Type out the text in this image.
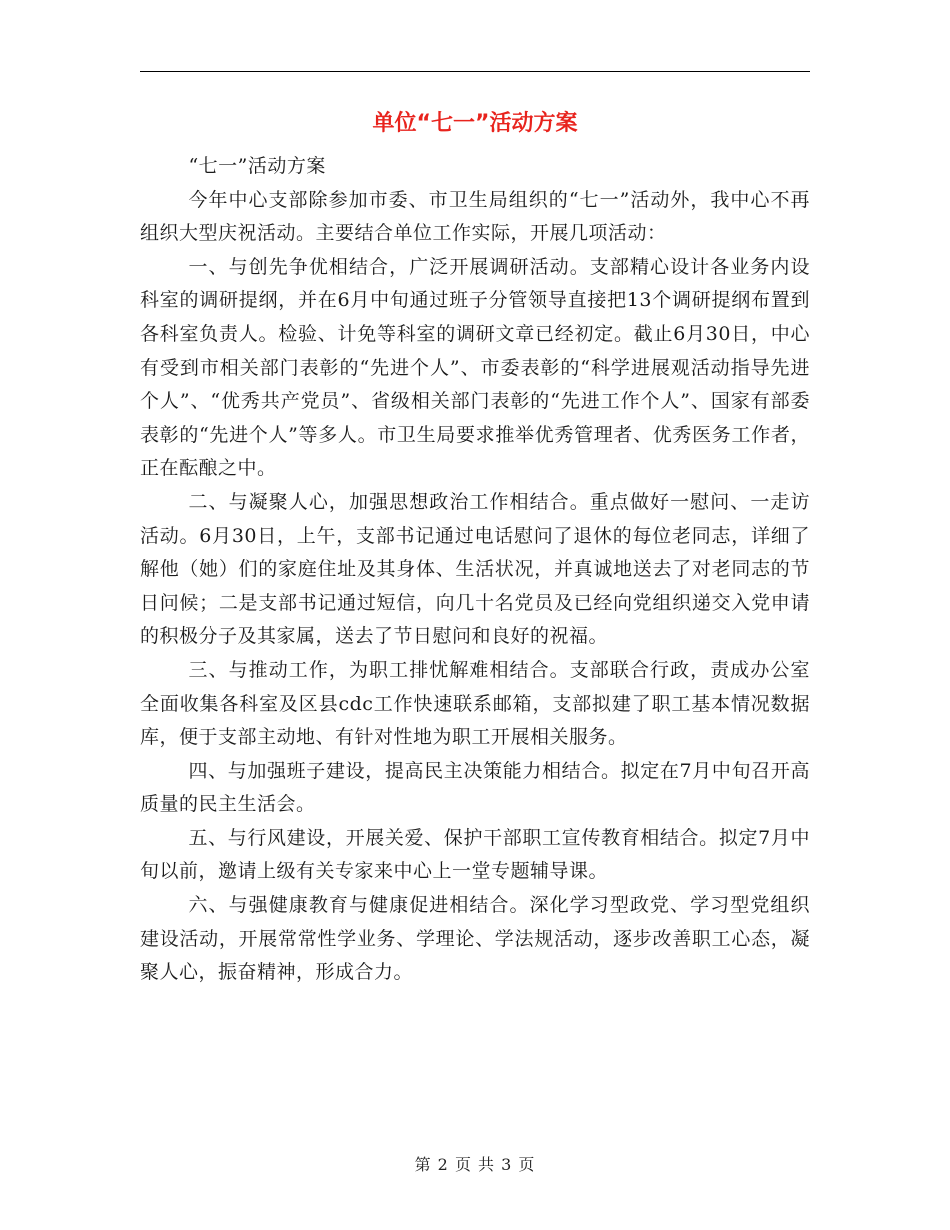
单位“七一”活动方案

“七一”活动方案

今年中心支部除参加市委、市卫生局组织的“七一”活动外，我中心不再组织大型庆祝活动。主要结合单位工作实际，开展几项活动：

一、与创先争优相结合，广泛开展调研活动。支部精心设计各业务内设科室的调研提纲，并在6月中旬通过班子分管领导直接把13个调研提纲布置到各科室负责人。检验、计免等科室的调研文章已经初定。截止6月30日，中心有受到市相关部门表彰的“先进个人”、市委表彰的“科学进展观活动指导先进个人”、“优秀共产党员”、省级相关部门表彰的“先进工作个人”、国家有部委表彰的“先进个人”等多人。市卫生局要求推举优秀管理者、优秀医务工作者，正在酝酿之中。

二、与凝聚人心，加强思想政治工作相结合。重点做好一慰问、一走访活动。6月30日，上午，支部书记通过电话慰问了退休的每位老同志，详细了解他（她）们的家庭住址及其身体、生活状况，并真诚地送去了对老同志的节日问候；二是支部书记通过短信，向几十名党员及已经向党组织递交入党申请的积极分子及其家属，送去了节日慰问和良好的祝福。

三、与推动工作，为职工排忧解难相结合。支部联合行政，责成办公室全面收集各科室及区县cdc工作快速联系邮箱，支部拟建了职工基本情况数据库，便于支部主动地、有针对性地为职工开展相关服务。

四、与加强班子建设，提高民主决策能力相结合。拟定在7月中旬召开高质量的民主生活会。

五、与行风建设，开展关爱、保护干部职工宣传教育相结合。拟定7月中旬以前，邀请上级有关专家来中心上一堂专题辅导课。

六、与强健康教育与健康促进相结合。深化学习型政党、学习型党组织建设活动，开展常常性学业务、学理论、学法规活动，逐步改善职工心态，凝聚人心，振奋精神，形成合力。

第 2 页 共 3 页
